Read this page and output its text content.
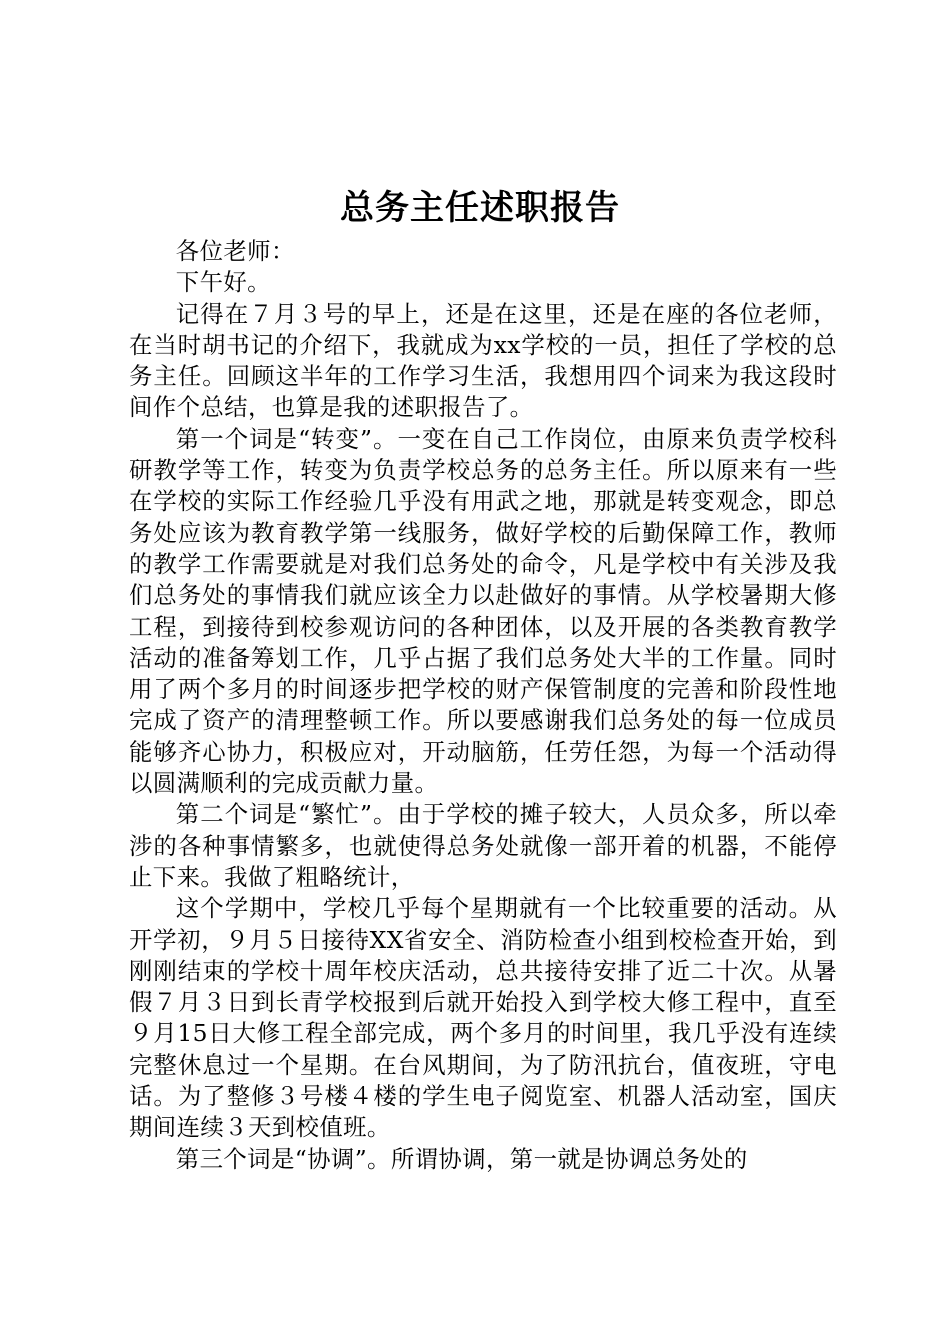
总务主任述职报告

各位老师：

下午好。

记得在７月３号的早上，还是在这里，还是在座的各位老师，在当时胡书记的介绍下，我就成为xx学校的一员，担任了学校的总务主任。回顾这半年的工作学习生活，我想用四个词来为我这段时间作个总结，也算是我的述职报告了。

第一个词是“转变”。一变在自己工作岗位，由原来负责学校科研教学等工作，转变为负责学校总务的总务主任。所以原来有一些在学校的实际工作经验几乎没有用武之地，那就是转变观念，即总务处应该为教育教学第一线服务，做好学校的后勤保障工作，教师的教学工作需要就是对我们总务处的命令，凡是学校中有关涉及我们总务处的事情我们就应该全力以赴做好的事情。从学校暑期大修工程，到接待到校参观访问的各种团体，以及开展的各类教育教学活动的准备筹划工作，几乎占据了我们总务处大半的工作量。同时用了两个多月的时间逐步把学校的财产保管制度的完善和阶段性地完成了资产的清理整顿工作。所以要感谢我们总务处的每一位成员能够齐心协力，积极应对，开动脑筋，任劳任怨，为每一个活动得以圆满顺利的完成贡献力量。

第二个词是“繁忙”。由于学校的摊子较大，人员众多，所以牵涉的各种事情繁多，也就使得总务处就像一部开着的机器，不能停止下来。我做了粗略统计，

这个学期中，学校几乎每个星期就有一个比较重要的活动。从开学初，９月５日接待XX省安全、消防检查小组到校检查开始，到刚刚结束的学校十周年校庆活动，总共接待安排了近二十次。从暑假７月３日到长青学校报到后就开始投入到学校大修工程中，直至９月15日大修工程全部完成，两个多月的时间里，我几乎没有连续完整休息过一个星期。在台风期间，为了防汛抗台，值夜班，守电话。为了整修３号楼４楼的学生电子阅览室、机器人活动室，国庆期间连续３天到校值班。

第三个词是“协调”。所谓协调，第一就是协调总务处的
